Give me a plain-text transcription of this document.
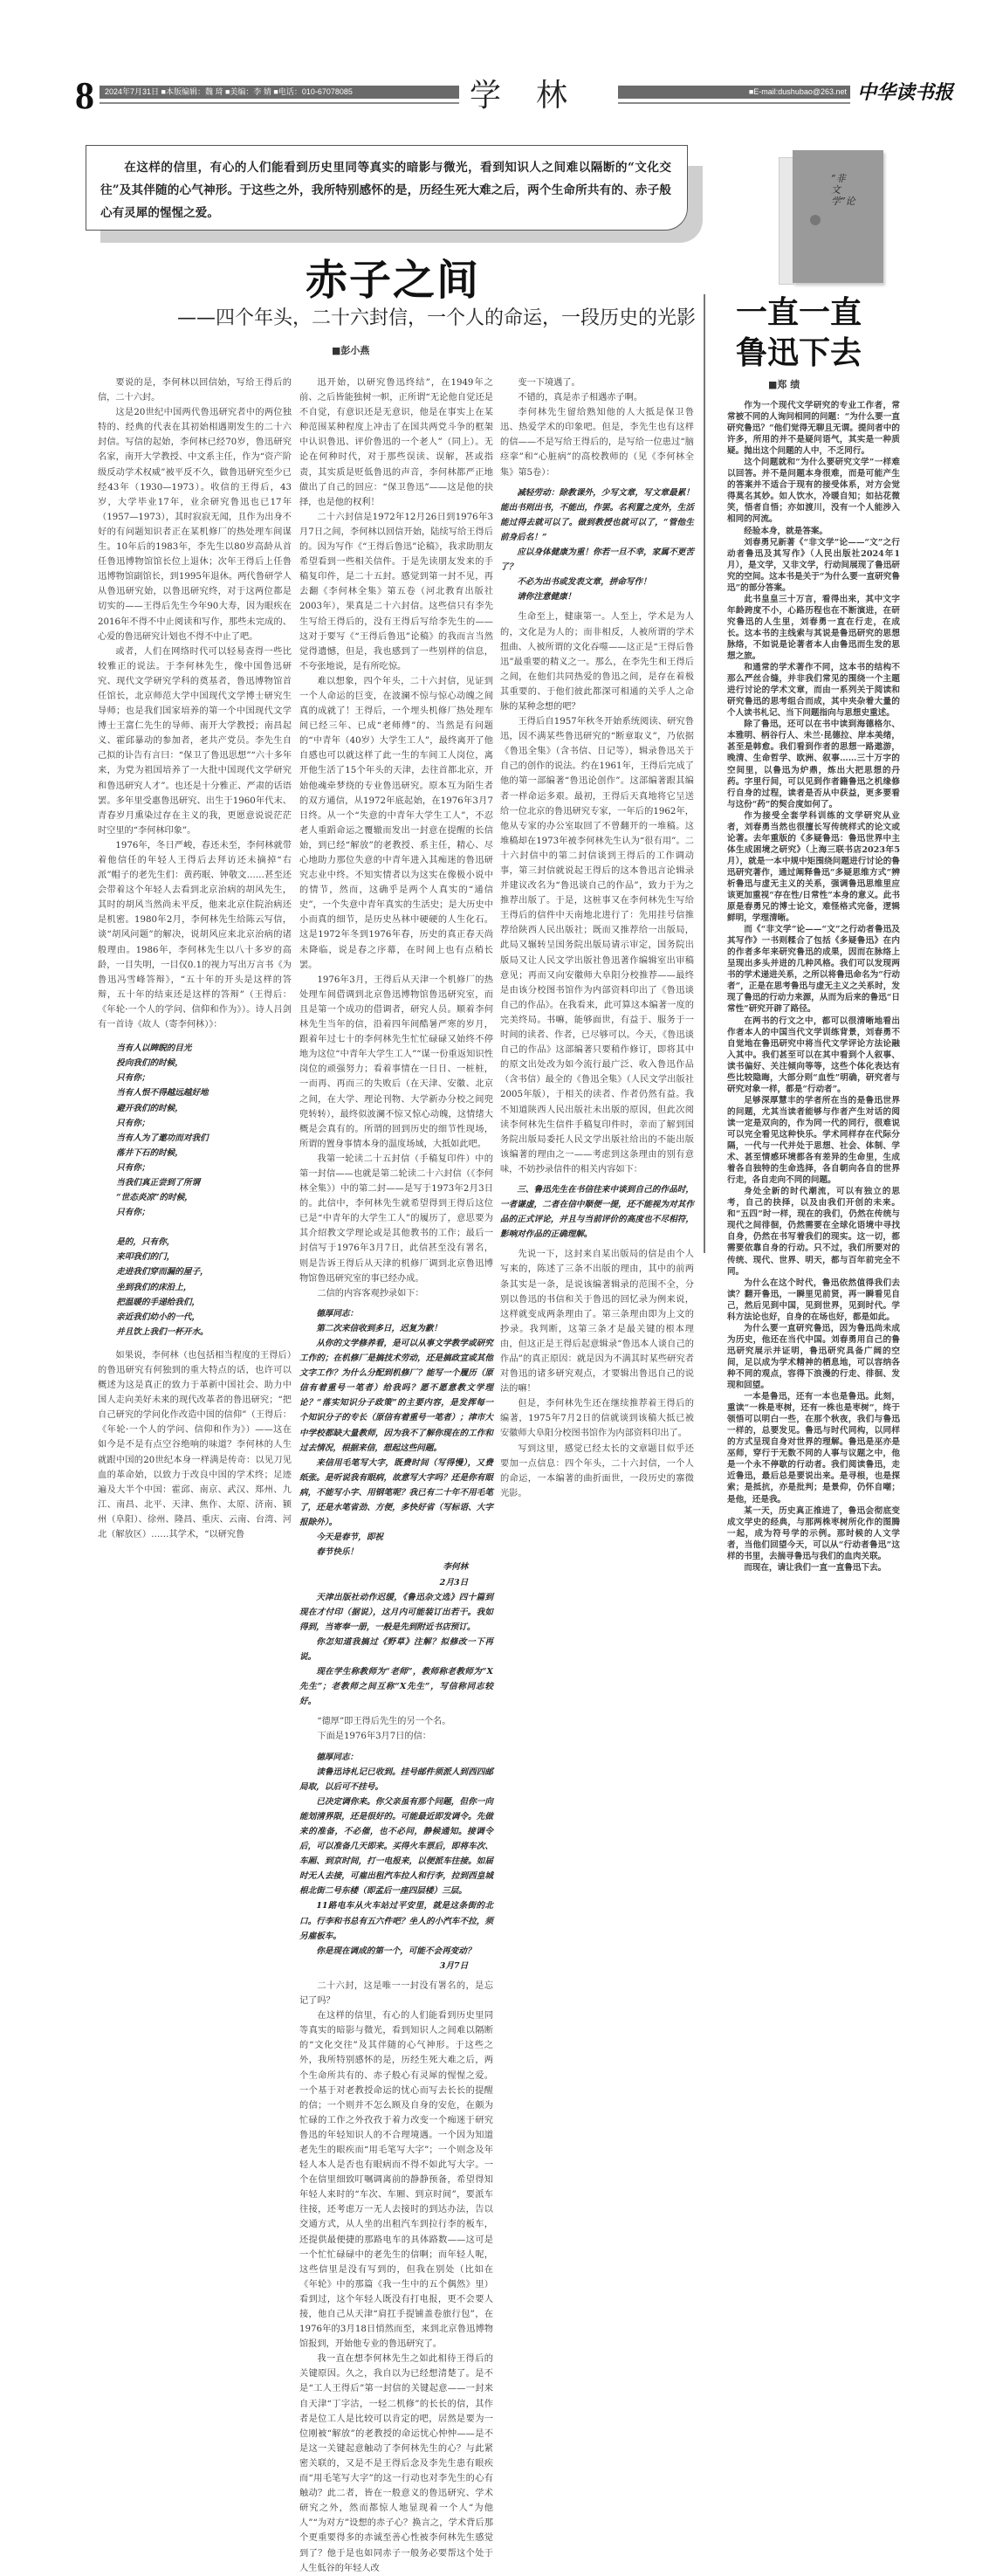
8	2024年7月31日 ■本版编辑：魏 琦 ■美编：李 婧 ■电话：010-67078085	学林	■E-mail:dushubao@263.net 中华读书报
在这样的信里，有心的人们能看到历史里同等真实的暗影与微光，看到知识人之间难以隔断的“文化交往”及其伴随的心气神形。于这些之外，我所特别感怀的是，历经生死大难之后，两个生命所共有的、赤子般心有灵犀的惺惺之爱。
赤子之间
——四个年头，二十六封信，一个人的命运，一段历史的光影
■彭小燕

要说的是，李何林以回信始，写给王得后的信，二十六封。

这是20世纪中国两代鲁迅研究者中的两位独特的、经典的代表在其初始相遇期发生的二十六封信。写信的起始，李何林已经70岁，鲁迅研究名家，南开大学教授、中文系主任，作为“资产阶级反动学术权威”被平反不久，做鲁迅研究至少已经43年（1930—1973）。收信的王得后，43岁，大学毕业17年，业余研究鲁迅也已17年（1957—1973），其时寂寂无闻，且作为出身不好的有问题知识者正在某机修厂的热处理车间谋生。10年后的1983年，李先生以80岁高龄从首任鲁迅博物馆馆长位上退休；次年王得后上任鲁迅博物馆副馆长，到1995年退休。两代鲁研学人从鲁迅研究始，以鲁迅研究终，对于这两位都是切实的——王得后先生今年90大寿，因为眼疾在2016年不得不中止阅读和写作，那些未完成的、心爱的鲁迅研究计划也不得不中止了吧。

或者，人们在网络时代可以轻易查得一些比较雅正的说法。于李何林先生，像中国鲁迅研究、现代文学研究学科的奠基者，鲁迅博物馆首任馆长，北京师范大学中国现代文学博士研究生导师；也是我们国家培养的第一个中国现代文学博士王富仁先生的导师、南开大学教授；南昌起义、霍邱暴动的参加者，老共产党员。李先生自己拟的讣告有言曰：“保卫了鲁迅思想”“六十多年来，为党为祖国培养了一大批中国现代文学研究和鲁迅研究人才”。也还是十分雅正、严肃的话语罢。多年里受惠鲁迅研究、出生于1960年代末、青春岁月熏染过存在主义的我，更愿意说说茫茫时空里的“李何林印象”。

1976年，冬日严峻，春还未至，李何林就带着他信任的年轻人王得后去拜访还未摘掉“右派”帽子的老先生们：黄药眠、钟敬文……甚至还会带着这个年轻人去看到北京治病的胡风先生，其时的胡风当然尚未平反，他来北京住院治病还是机密。1980年2月，李何林先生给陈云写信，谈“胡风问题”的解决，说胡风应来北京治病的诸般理由。1986年，李何林先生以八十多岁的高龄，一目失明，一目仅0.1的视力写出万言书《为鲁迅冯雪峰答辩》，“五十年的开头是这样的答辩，五十年的结束还是这样的答辩”（王得后：《年轮·一个人的学问、信仰和作为》）。诗人吕剑有一首诗《故人（寄李何林）》：

当有人以睥睨的目光
投向我们的时候，
只有你；
当有人恨不得越远越好地
避开我们的时候，
只有你；
当有人为了邀功而对我们
落井下石的时候，
只有你；
当我们真正尝到了所谓
“世态炎凉”的时候，
只有你；
是的，只有你，
来叩我们的门，
走进我们穿而漏的屋子，
坐到我们的床沿上，
把温暖的手递给我们，
亲近我们幼小的一代，
并且饮上我们一杯开水。

如果说，李何林（也包括相当程度的王得后）的鲁迅研究有何独到的重大特点的话，也许可以概述为这是真正的致力于革新中国社会、助力中国人走向美好未来的现代改革者的鲁迅研究；“把自己研究的学问化作改造中国的信仰”（王得后：《年轮·一个人的学问、信仰和作为》）——这在如今是不是有点空谷绝响的味道？李何林的人生就跟中国的20世纪本身一样满是传奇：以见刀见血的革命始，以致力于改良中国的学术终；足迹遍及大半个中国：霍邱、南京、武汉、郑州、九江、南昌、北平、天津、焦作、太原、济南、颍州（阜阳）、徐州、隆昌、重庆、云南、台湾、河北（解放区）……其学术，“以研究鲁

迅开始，以研究鲁迅终结”，在1949年之前、之后皆能独树一帜，正所谓“无论他自觉还是不自觉，有意识还是无意识，他是在事实上在某种范围某种程度上冲击了在国共两党斗争的框架中认识鲁迅、评价鲁迅的一个老人”（同上）。无论在何种时代，对于那些误读、误解，甚或指责，其实质是贬低鲁迅的声音，李何林都严正地做出了自己的回应：“保卫鲁迅”——这是他的抉择，也是他的权利！

二十六封信是1972年12月26日到1976年3月7日之间，李何林以回信开始，陆续写给王得后的。因为写作《“王得后鲁迅”论稿》，我求助朋友希望看到一些相关信件。于是先读朋友发来的手稿复印件，是二十五封。感觉到第一封不见，再去翻《李何林全集》第五卷（河北教育出版社2003年），果真是二十六封信。这些信只有李先生写给王得后的，没有王得后写给李先生的——这对于要写《“王得后鲁迅”论稿》的我而言当然觉得遗憾，但是，我也感到了一些别样的信息，不夸张地说，是有所吃惊。

难以想象，四个年头，二十六封信，见证到一个人命运的巨变，在波澜不惊与惊心动魄之间真的成就了！王得后，一个埋头机修厂热处理车间已经三年、已成“老师傅”的、当然是有问题的“中青年（40岁）大学生工人”，最终离开了他自感也可以就这样了此一生的车间工人岗位，离开他生活了15个年头的天津，去往首都北京，开始他魂牵梦绕的专业鲁迅研究。原本互为陌生者的双方通信，从1972年底起始，在1976年3月7日终。从一个“失意的中青年大学生工人”，不忍老人重蹈命运之覆辙而发出一封意在提醒的长信始，到已经“解放”的老教授、系主任，精心、尽心地助力那位失意的中青年进入其痴迷的鲁迅研究志业中终。不知实情者以为这实在像极小说中的情节，然而，这确乎是两个人真实的“通信史”，一个失意中青年真实的生活史；是大历史中小而真的细节，是历史丛林中硬硬的人生化石。这是1972年冬到1976年春，历史的真正春天尚未降临，说是春之序幕，在时间上也有点稍长罢。

1976年3月，王得后从天津一个机修厂的热处理车间借调到北京鲁迅博物馆鲁迅研究室，而且是第一个成功的借调者，研究人员。顺着李何林先生当年的信，沿着四年间酷暑严寒的岁月，跟着年过七十的李何林先生忙忙碌碌又始终不停地为这位“中青年大学生工人”“谋一份重返知识性岗位的顽强努力；看着事情在一日日、一桩桩，一而再、再而三的失败后（在天津、安徽、北京之间，在大学、理论刊物、大学新办分校之间兜兜转转），最终似波澜不惊又惊心动魄，这情绪大概是会真有的。所谓的回到历史的细节性现场，所谓的置身事情本身的温度场域，大抵如此吧。

我第一轮读二十五封信（手稿复印件）中的第一封信——也就是第二轮读二十六封信（《李何林全集》）中的第二封——是写于1973年2月3日的。此信中，李何林先生就希望得到王得后这位已是“中青年的大学生工人”的履历了，意思要为其介绍教文学理论或是其他教书的工作；最后一封信写于1976年3月7日，此信甚至没有署名，则是告诉王得后从天津的机修厂调到北京鲁迅博物馆鲁迅研究室的事已经办成。

二信的内容客观抄录如下：

德厚同志：

第二次来信收到多日，迟复为歉！

从你的文学修养看，是可以从事文学教学或研究工作的；在机修厂是搞技术劳动，还是搞政宣或其他文字工作？为什么分配到机修厂？能写一个履历（原信有着重号一笔者）给我吗？愿不愿意教文学理论？“落实知识分子政策”的主要内容，是发挥每一个知识分子的专长（原信有着重号一笔者）；津市大中学校都缺大量教师，因为我不了解你现在的工作和过去情况，根据来信，想起这些问题。

来信用毛笔写大字，既费时间（写得慢），又费纸张。是听说我有眼病，故意写大字吗？还是你有眼病，不能写小字、用钢笔呢？我已有二十年不用毛笔了，还是水笔省劲、方便，多快好省（写标语、大字报除外）。

今天是春节，即祝

春节快乐！

李何林

2月3日

天津出版社动作迟缓，《鲁迅杂文选》四十篇到现在才付印（据说），这月内可能装订出若干。我如得到，当寄奉一册，一般是先到附近书店预订。

你怎知道我搞过《野草》注解？拟修改一下再说。

现在学生称教师为“老师”，教师称老教师为“X先生”；老教师之间互称“X先生”，写信称同志较好。

“德厚”即王得后先生的另一个名。

下面是1976年3月7日的信：

德厚同志：

读鲁迅诗札记已收到。挂号邮件须派人到西四邮局取，以后可不挂号。

已决定调你来。你父亲虽有那个问题，但你一向能划清界限，还是很好的。可能最近即发调令。先做来的准备，不必催，也不必问，静候通知。接调令后，可以准备几天即来。买得火车票后，即将车次、车厢、到京时间，打一电报来，以便派车往接。如届时无人去接，可雇出租汽车拉人和行李，拉到西皇城根北街二号东楼（即孟后一座四层楼）三层。

11路电车从火车站过平安里，就是这条街的北口。行李和书总有五六件吧？坐人的小汽车不拉，须另雇板车。

你是现在调成的第一个，可能不会再变动？

3月7日

二十六封，这是唯一一封没有署名的，是忘记了吗？

在这样的信里，有心的人们能看到历史里同等真实的暗影与微光，看到知识人之间难以隔断的“文化交往”及其伴随的心气神形。于这些之外，我所特别感怀的是，历经生死大难之后，两个生命所共有的、赤子般心有灵犀的惺惺之爱。一个基于对老教授命运的忧心而写去长长的提醒的信；一个则并不怎么顾及自身的安危，在颇为忙碌的工作之外孜孜于着力改变一个痴迷于研究鲁迅的年轻知识人的不合理境遇。一个因为知道老先生的眼疾而“用毛笔写大字”；一个则念及年轻人本人是否也有眼病而不得不如此写大字。一个在信里细致叮嘱调离前的静静预备，希望得知年轻人来时的“车次、车厢、到京时间”，要派车往接，还考虑万一无人去接时的到达办法，告以交通方式，从人坐的出租汽车到拉行李的板车，还提供最便捷的那路电车的具体路数——这可是一个忙忙碌碌中的老先生的信啊；而年轻人呢，这些信里是没有写到的，但我在别处（比如在《年轮》中的那篇《我一生中的五个偶然》里）看到过，这个年轻人既没有打电报，更不会要人接，他自己从天津“肩扛手提铺盖卷旅行包”，在1976年的3月18日悄然而至，来到北京鲁迅博物馆报到，开始他专业的鲁迅研究了。

我一直在想李何林先生之如此相待王得后的关键原因。久之，我自以为已经想清楚了。是不是“工人王得后”第一封信的关键起意——一封来自天津“丁字沽，一轻二机修”的长长的信，其作者是位工人是比较可以肯定的吧，居然是要为一位刚被“解放”的老教授的命运忧心忡忡——是不是这一关键起意触动了李何林先生的心？与此紧密关联的，又是不是王得后念及李先生患有眼疾而“用毛笔写大字”的这一行动也对李先生的心有触动？此二者，皆在一般意义的鲁迅研究、学术研究之外，然而都惊人地显现着一个人“为他人”“为对方”设想的赤子心？换言之，学术背后那个更重要得多的赤诚至善心性被李何林先生感觉到了？他于是也如同赤子一般务必要帮这个处于人生低谷的年轻人改

变一下境遇了。

不错的，真是赤子相遇赤子啊。

李何林先生留给熟知他的人大抵是保卫鲁迅、热爱学术的印象吧。但是，李先生也有这样的信——不是写给王得后的，是写给一位患过“脑痉挛”和“心脏病”的高校教师的（见《李何林全集》第5卷）：

减轻劳动：除教课外，少写文章，写文章最累！能出书则出书，不能出，作罢。名利置之度外，生活能过得去就可以了。做到教授也就可以了，“管他生前身后名！”

应以身体健康为重！你若一旦不幸，家属不更苦了？

不必为出书或发表文章，拼命写作！

请你注意健康！

生命至上，健康第一。人至上，学术是为人的，文化是为人的；而非相反，人被所谓的学术扭曲、人被所谓的文化吞噬——这正是“王得后鲁迅”最重要的精义之一。那么，在李先生和王得后之间，在他们共同热爱的鲁迅之间，是存在着极其重要的、于他们彼此都深可相通的关乎人之命脉的某种念想的吧？

王得后自1957年秋冬开始系统阅读、研究鲁迅，因不满某些鲁迅研究的“断章取义”，乃依据《鲁迅全集》（含书信、日记等），辑录鲁迅关于自己的创作的说法。约在1961年，王得后完成了他的第一部编著“鲁迅论创作”。这部编著跟其编者一样命运多艰。最初，王得后天真地将它呈送给一位北京的鲁迅研究专家，一年后的1962年，他从专家的办公室取回了不曾翻开的一堆稿。这堆稿却在1973年被李何林先生认为“很有用”。二十六封信中的第二封信谈到王得后的工作调动事，第三封信就说起王得后的这本鲁迅言论辑录并建议改名为“鲁迅谈自己的作品”，致力于为之推荐出版了。于是，这桩事又在李何林先生写给王得后的信件中天南地北进行了：先用挂号信推荐给陕西人民出版社；既而又推荐给一出版局，此局又辗转呈国务院出版局请示审定，国务院出版局又让人民文学出版社鲁迅著作编辑室出审稿意见；再而又向安徽师大阜阳分校推荐——最终是由该分校图书馆作为内部资料印出了《鲁迅谈自己的作品》。在我看来，此可算这本编著一度的完美终局。书嘛，能够面世，有益于、服务于一时间的读者、作者，已尽够可以。今天，《鲁迅谈自己的作品》这部编著只要稍作修订，即将其中的原文出处改为如今流行最广泛、收入鲁迅作品（含书信）最全的《鲁迅全集》（人民文学出版社2005年版），于相关的读者、作者仍然有益。我不知道陕西人民出版社未出版的原因，但此次阅读李何林先生信件手稿复印件时，幸而了解到国务院出版局委托人民文学出版社给出的不能出版该编著的理由之一——考虑到这条理由的别有意味，不妨抄录信件的相关内容如下：

三、鲁迅先生在书信往来中谈到自己的作品时，一者谦虚，二者在信中顺便一提，还不能视为对其作品的正式评论，并且与当前评价的高度也不尽相符，影响对作品的正确理解。

先说一下，这封来自某出版局的信是由个人写来的，陈述了三条不出版的理由，其中的前两条其实是一条，是说该编著辑录的范围不全，分别以鲁迅的书信和关于鲁迅的回忆录为例来说，这样就变成两条理由了。第三条理由即为上文的抄录。我判断，这第三条才是最关键的根本理由，但这正是王得后起意辑录“鲁迅本人谈自己的作品”的真正原因：就是因为不满其时某些研究者对鲁迅的诸多研究观点，才要辑出鲁迅自己的说法的嘛！

但是，李何林先生还在继续推荐着王得后的编著，1975年7月2日的信就谈到该稿大抵已被安徽师大阜阳分校图书馆作为内部资料印出了。

写到这里，感觉已经太长的文章题目似乎还要加一点信息：四个年头，二十六封信，一个人的命运，一本编著的曲折面世，一段历史的寨微光影。

“非文学”论
一直一直
鲁迅下去
■郑 绩

作为一个现代文学研究的专业工作者，常常被不同的人询问相同的问题：“为什么要一直研究鲁迅？”他们觉得无聊且无谓。提问者中的许多，所用的并不是疑问语气，其实是一种质疑。抛出这个问题的人中，不乏同行。

这个问题就和“为什么要研究文学”一样难以回答。并不是问题本身很难，而是可能产生的答案并不适合于现有的接受体系，对方会觉得莫名其妙。如人饮水，冷暖自知；如拈花微笑，悟者自悟；亦如渡川，没有一个人能涉入相同的河流。

经验本身，就是答案。

刘春勇兄新著《“非文学”论——“文”之行动者鲁迅及其写作》（人民出版社2024年1月），是文学，又非文学，行动间展现了鲁迅研究的空间。这本书是关于“为什么要一直研究鲁迅”的部分答案。

此书皇皇三十万言，看得出来，其中文字年龄跨度不小，心路历程也在不断演进，在研究鲁迅的人生里，刘春勇一直在行走，在成长。这本书的主线索与其说是鲁迅研究的思想脉络，不如说是论著者本人由鲁迅而生发的思想之旅。

和通常的学术著作不同，这本书的结构不那么严丝合缝，并非我们常见的围绕一个主题进行讨论的学术文章，而由一系列关于阅读和研究鲁迅的思考组合而成，其中夹杂着大量的个人读书札记、当下问题指向与思想史重述。

除了鲁迅，还可以在书中读到海德格尔、本雅明、柄谷行人、未兰·昆德拉、岸本美绪，甚至是韩愈。我们看到作者的思想一路遨游，晚清、生命哲学、欧洲、叙事……三十万字的空间里，以鲁迅为炉鼎，炼出大把思想的丹药。字里行间，可以见到作者籍鲁迅之机缘修行自身的过程，读者是否从中获益，更多要看与这份“药”的契合度如何了。

作为接受全套学科训练的文学研究从业者，刘春勇当然也很擅长写传统样式的论文或论著。去年重版的《多疑鲁迅：鲁迅世界中主体生成困境之研究》（上海三联书店2023年5月），就是一本中规中矩围绕问题进行讨论的鲁迅研究著作，通过阐释鲁迅“多疑思维方式”辨析鲁迅与虚无主义的关系，强调鲁迅思维里应该更加重视“存在性/日常性”本身的意义。此书原是春勇兄的博士论文，难怪格式完备，逻辑鲜明，学理清晰。

而《“非文学”论——“文”之行动者鲁迅及其写作》一书则糅合了包括《多疑鲁迅》在内的作者多年来研究鲁迅的成果，因而在脉络上呈现出多头并进的几种风格。我们可以发现两书的学术递进关系，之所以将鲁迅命名为“行动者”，正是在思考鲁迅与虚无主义之关系时，发现了鲁迅的行动力来源，从而为后来的鲁迅“日常性”研究开辟了路径。

在两书的行文之中，都可以很清晰地看出作者本人的中国当代文学训练背景，刘春勇不自觉地在鲁迅研究中将当代文学评论方法论融入其中。我们甚至可以在其中看到个人叙事、读书偏好、关注倾向等等，这些个体化表达有些比较隐晦，大部分则“血性”明确，研究者与研究对象一样，都是“行动者”。

足够深厚慧丰的学者所在当的是鲁迅世界的问题，尤其当读者能够与作者产生对话的阅读一定是双向的，作为同一代的同行，很难说可以完全看见这种快乐。学术同样存在代际分隔，一代与一代并处于思想、社会、体制、学术、甚至情感环境都各有差异的生命里，生成着各自独特的生命选择，各自朝向各自的世界行走，各自走向不同的问题。

身处全新的时代潮流，可以有独立的思考，自己的抉择，以及由我们开创的未来。和“五四”时一样，现在的我们，仍然在传统与现代之间徘徊，仍然需要在全球化语境中寻找自身，仍然在书写着我们的现实。这一切，都需要依靠自身的行动。只不过，我们所要对的传统、现代、世界、明天，都与百年前完全不同。

为什么在这个时代，鲁迅依然值得我们去读？翻开鲁迅，一瞬里见前贤，再一瞬看见自己，然后见到中国，见到世界，见到时代。学科方法论也好，自身的在场也好，都是如此。

为什么要一直研究鲁迅，因为鲁迅尚未成为历史，他还在当代中国。刘春勇用自己的鲁迅研究展示并证明，鲁迅研究具备广阔的空间，足以成为学术精神的栖息地，可以容纳各种不同的观点，容得下浪漫的行走、徘徊、发现和回望。

一本是鲁迅，还有一本也是鲁迅。此刻，重读“一株是枣树，还有一株也是枣树”，终于领悟可以明白一些，在那个秋夜，我们与鲁迅一样的，总要发见。鲁迅与时代同构，以同样的方式呈现自身对世界的理解。鲁迅是巫亦是巫师，穿行于无数不同的人事与议题之中，他是一个永不停歇的行动者。我们阅读鲁迅，走近鲁迅，最后总是要说出来。是寻根，也是探索；是抵抗，亦是批判；是景仰，仍怀自嘲；是他，还是我。

某一天，历史真正推进了，鲁迅会彻底变成文学史的经典，与那两株枣树所化作的图腾一起，成为符号学的示例。那时候的人文学者，当他们回望今天，可以从“行动者鲁迅”这样的书里，去揣寻鲁迅与我们的血肉关联。

而现在，请让我们一直一直鲁迅下去。
